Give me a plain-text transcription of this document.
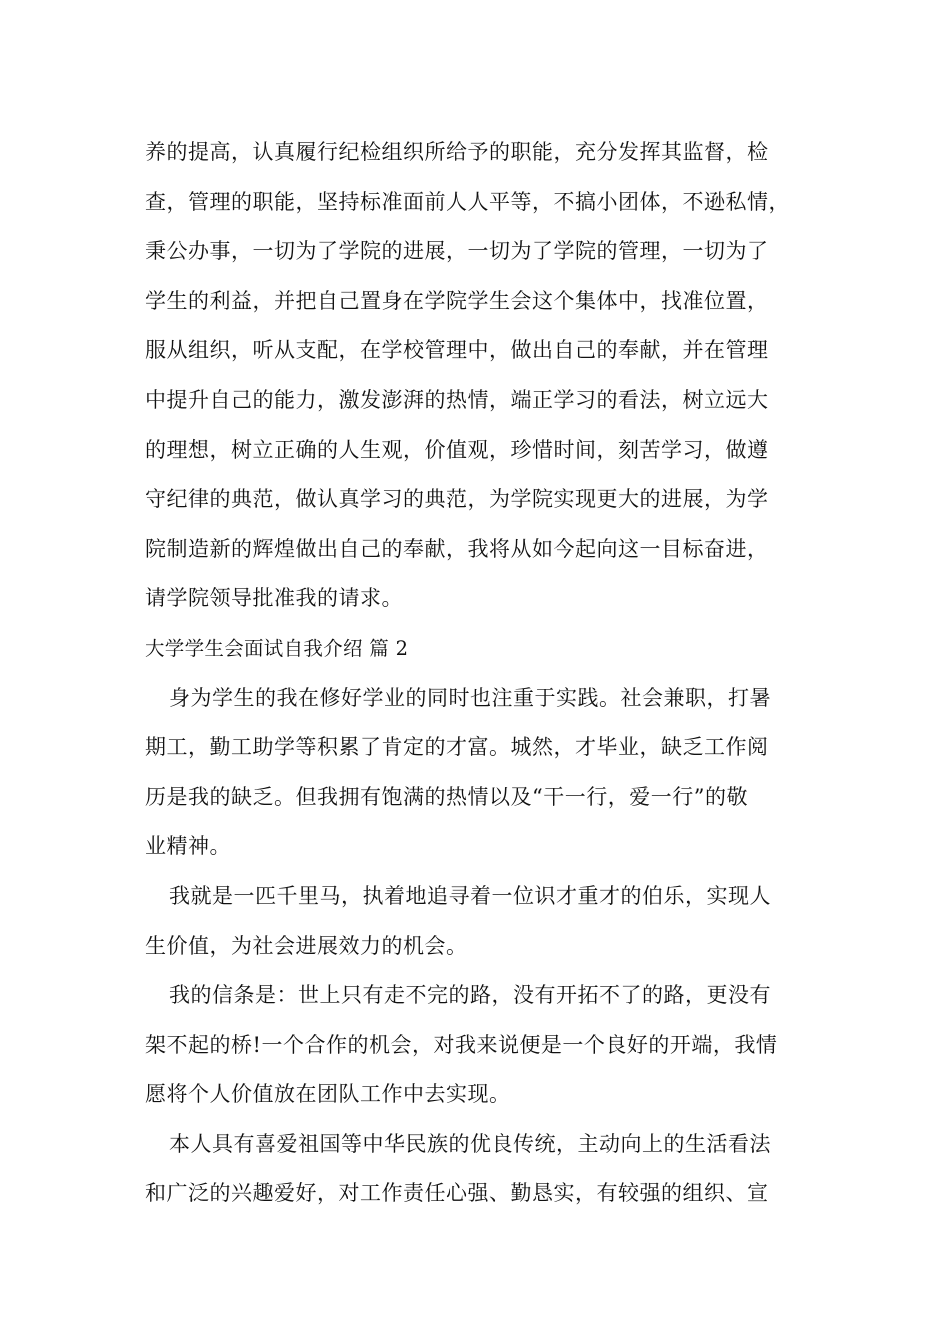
养的提高，认真履行纪检组织所给予的职能，充分发挥其监督，检
查，管理的职能，坚持标准面前人人平等，不搞小团体，不逊私情，
秉公办事，一切为了学院的进展，一切为了学院的管理，一切为了
学生的利益，并把自己置身在学院学生会这个集体中，找准位置，
服从组织，听从支配，在学校管理中，做出自己的奉献，并在管理
中提升自己的能力，激发澎湃的热情，端正学习的看法，树立远大
的理想，树立正确的人生观，价值观，珍惜时间，刻苦学习，做遵
守纪律的典范，做认真学习的典范，为学院实现更大的进展，为学
院制造新的辉煌做出自己的奉献，我将从如今起向这一目标奋进，
请学院领导批准我的请求。
大学学生会面试自我介绍 篇 2
身为学生的我在修好学业的同时也注重于实践。社会兼职，打暑
期工，勤工助学等积累了肯定的才富。城然，才毕业，缺乏工作阅
历是我的缺乏。但我拥有饱满的热情以及“干一行，爱一行”的敬
业精神。
我就是一匹千里马，执着地追寻着一位识才重才的伯乐，实现人
生价值，为社会进展效力的机会。
我的信条是：世上只有走不完的路，没有开拓不了的路，更没有
架不起的桥!一个合作的机会，对我来说便是一个良好的开端，我情
愿将个人价值放在团队工作中去实现。
本人具有喜爱祖国等中华民族的优良传统，主动向上的生活看法
和广泛的兴趣爱好，对工作责任心强、勤恳实，有较强的组织、宣
